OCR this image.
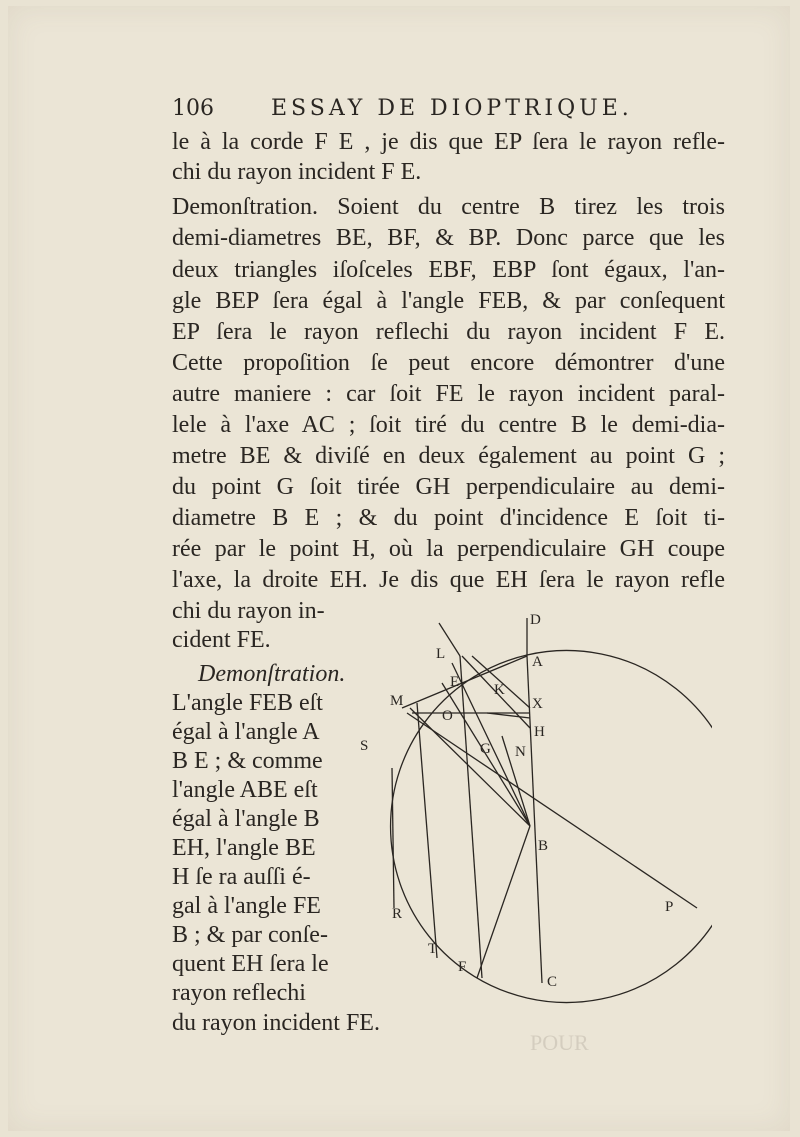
106	ESSAY DE DIOPTRIQUE.
le à la corde F E , je dis que EP ſera le rayon refle-
chi du rayon incident F E.
Demonſtration. Soient du centre B tirez les trois
demi-diametres BE, BF, & BP. Donc parce que les
deux triangles iſoſceles EBF, EBP ſont égaux, l'an-
gle BEP ſera égal à l'angle FEB, & par conſequent
EP ſera le rayon reflechi du rayon incident F E.
Cette propoſition ſe peut encore démontrer d'une
autre maniere : car ſoit FE le rayon incident paral-
lele à l'axe AC ; ſoit tiré du centre B le demi-dia-
metre BE & diviſé en deux également au point G ;
du point G ſoit tirée GH perpendiculaire au demi-
diametre B E ; & du point d'incidence E ſoit ti-
rée par le point H, où la perpendiculaire GH coupe
l'axe, la droite EH. Je dis que EH ſera le rayon refle
chi du rayon in-
cident FE.
Demonſtration.
L'angle FEB eſt
égal à l'angle A
B E ; & comme
l'angle ABE eſt
égal à l'angle B
EH, l'angle BE
H ſe ra auſſi é-
gal à l'angle FE
B ; & par conſe-
quent EH ſera le
rayon reflechi
du rayon incident FE.
D
L	A
E K
X
M
O
H
S	G N
B
P
R
T
F
C
POUR
